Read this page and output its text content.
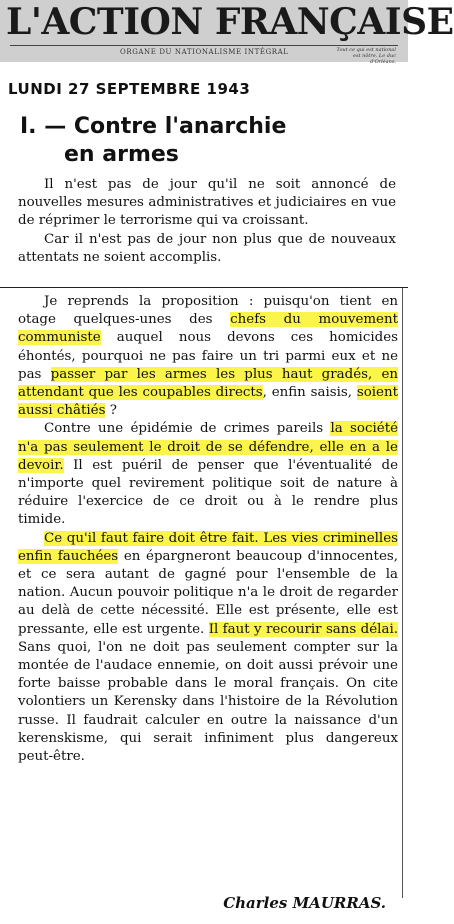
L'ACTION FRANÇAISE
ORGANE DU NATIONALISME INTÉGRAL	Tout ce qui est national est nôtre. Le duc d'Orléans.
LUNDI 27 SEPTEMBRE 1943
I. — Contre l'anarchie
en armes

Il n'est pas de jour qu'il ne soit annoncé de nouvelles mesures administratives et judiciaires en vue de réprimer le terrorisme qui va croissant.

Car il n'est pas de jour non plus que de nouveaux attentats ne soient accomplis.

Je reprends la proposition : puisqu'on tient en otage quelques-unes des chefs du mouvement communiste auquel nous devons ces homicides éhontés, pourquoi ne pas faire un tri parmi eux et ne pas passer par les armes les plus haut gradés, en attendant que les coupables directs, enfin saisis, soient aussi châtiés ?

Contre une épidémie de crimes pareils la société n'a pas seulement le droit de se défendre, elle en a le devoir. Il est puéril de penser que l'éventualité de n'importe quel revirement politique soit de nature à réduire l'exercice de ce droit ou à le rendre plus timide.

Ce qu'il faut faire doit être fait. Les vies criminelles enfin fauchées en épargneront beaucoup d'innocentes, et ce sera autant de gagné pour l'ensemble de la nation. Aucun pouvoir politique n'a le droit de regarder au delà de cette nécessité. Elle est présente, elle est pressante, elle est urgente. Il faut y recourir sans délai. Sans quoi, l'on ne doit pas seulement compter sur la montée de l'audace ennemie, on doit aussi prévoir une forte baisse probable dans le moral français. On cite volontiers un Kerensky dans l'histoire de la Révolution russe. Il faudrait calculer en outre la naissance d'un kerenskisme, qui serait infiniment plus dangereux peut-être.

Charles MAURRAS.
